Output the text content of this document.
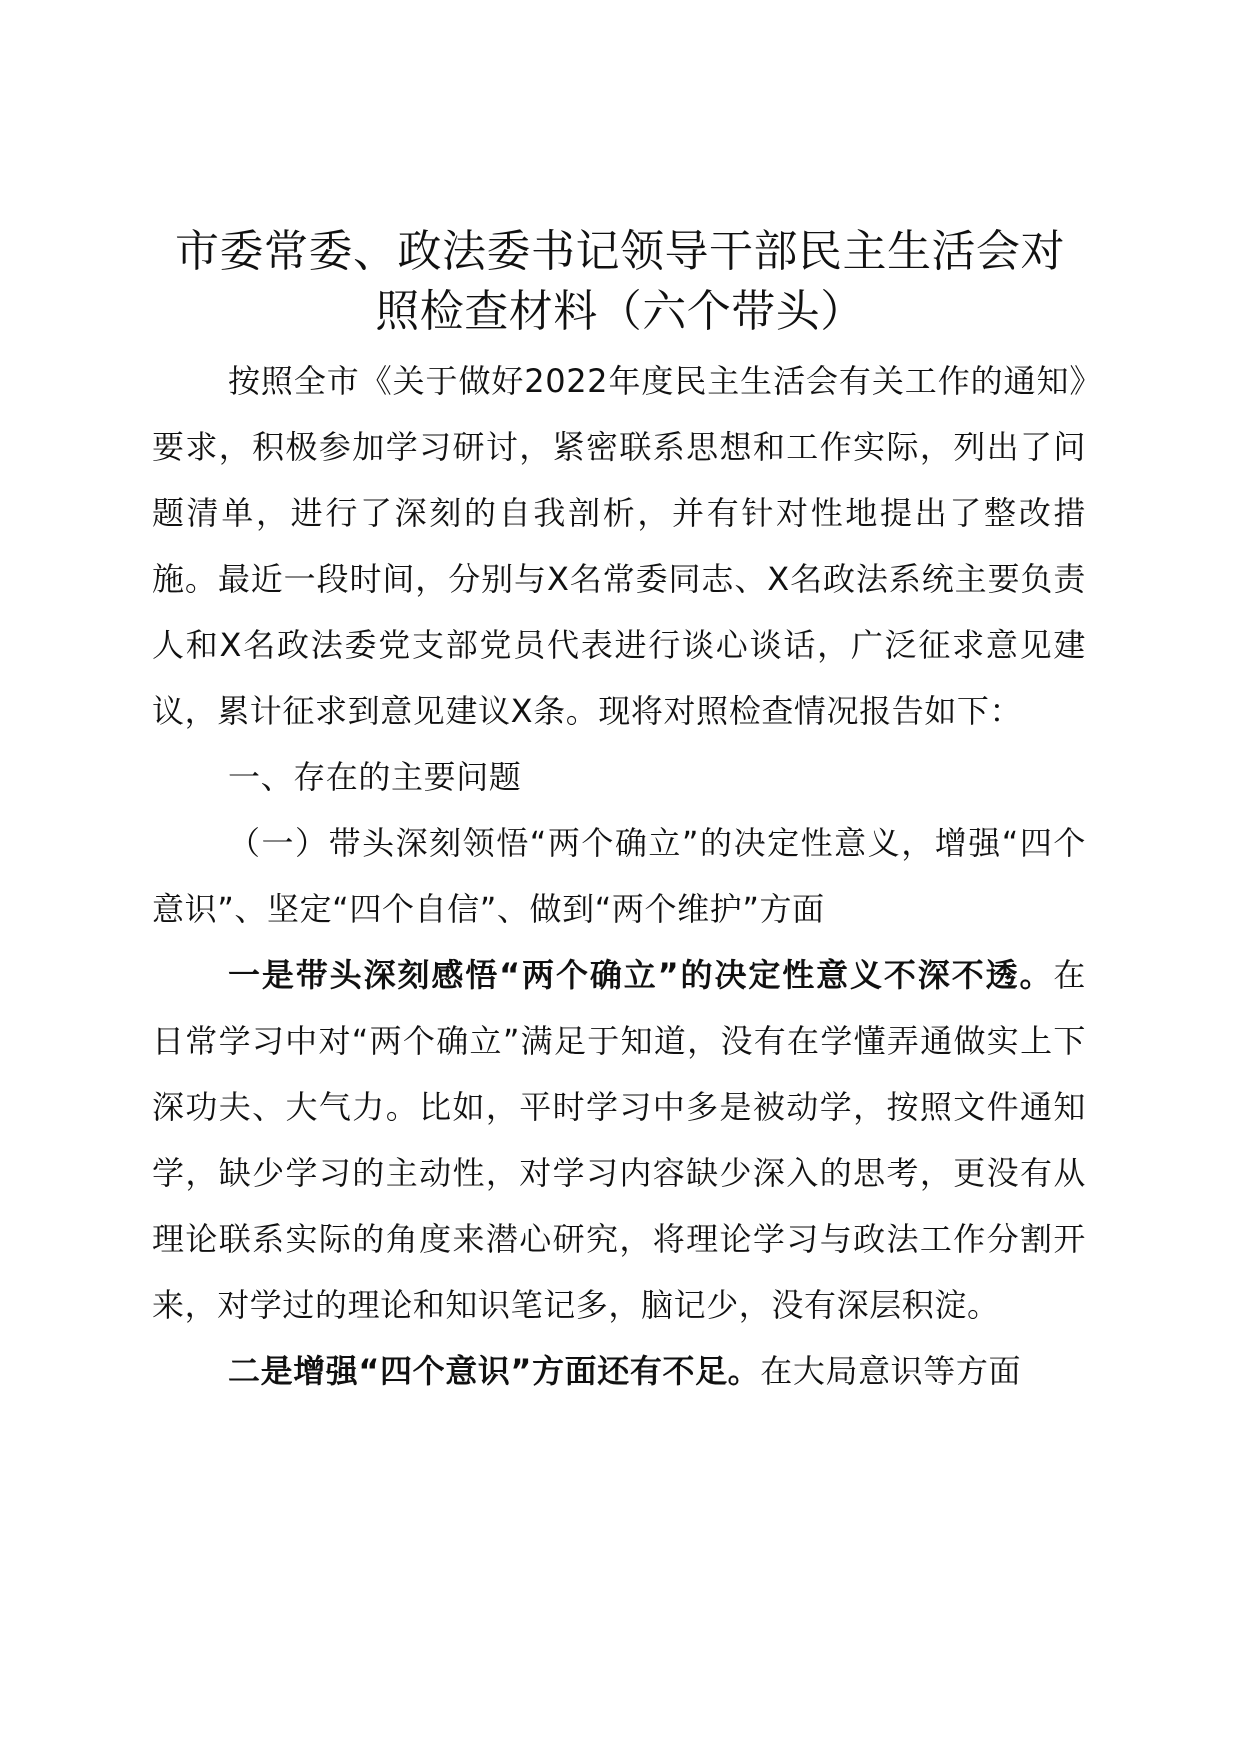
市委常委、政法委书记领导干部民主生活会对
照检查材料（六个带头）

按照全市《关于做好2022年度民主生活会有关工作的通知》要求，积极参加学习研讨，紧密联系思想和工作实际，列出了问题清单，进行了深刻的自我剖析，并有针对性地提出了整改措施。最近一段时间，分别与X名常委同志、X名政法系统主要负责人和X名政法委党支部党员代表进行谈心谈话，广泛征求意见建议，累计征求到意见建议X条。现将对照检查情况报告如下：

一、存在的主要问题

（一）带头深刻领悟“两个确立”的决定性意义，增强“四个意识”、坚定“四个自信”、做到“两个维护”方面

一是带头深刻感悟“两个确立”的决定性意义不深不透。在日常学习中对“两个确立”满足于知道，没有在学懂弄通做实上下深功夫、大气力。比如，平时学习中多是被动学，按照文件通知学，缺少学习的主动性，对学习内容缺少深入的思考，更没有从理论联系实际的角度来潜心研究，将理论学习与政法工作分割开来，对学过的理论和知识笔记多，脑记少，没有深层积淀。

二是增强“四个意识”方面还有不足。在大局意识等方面
